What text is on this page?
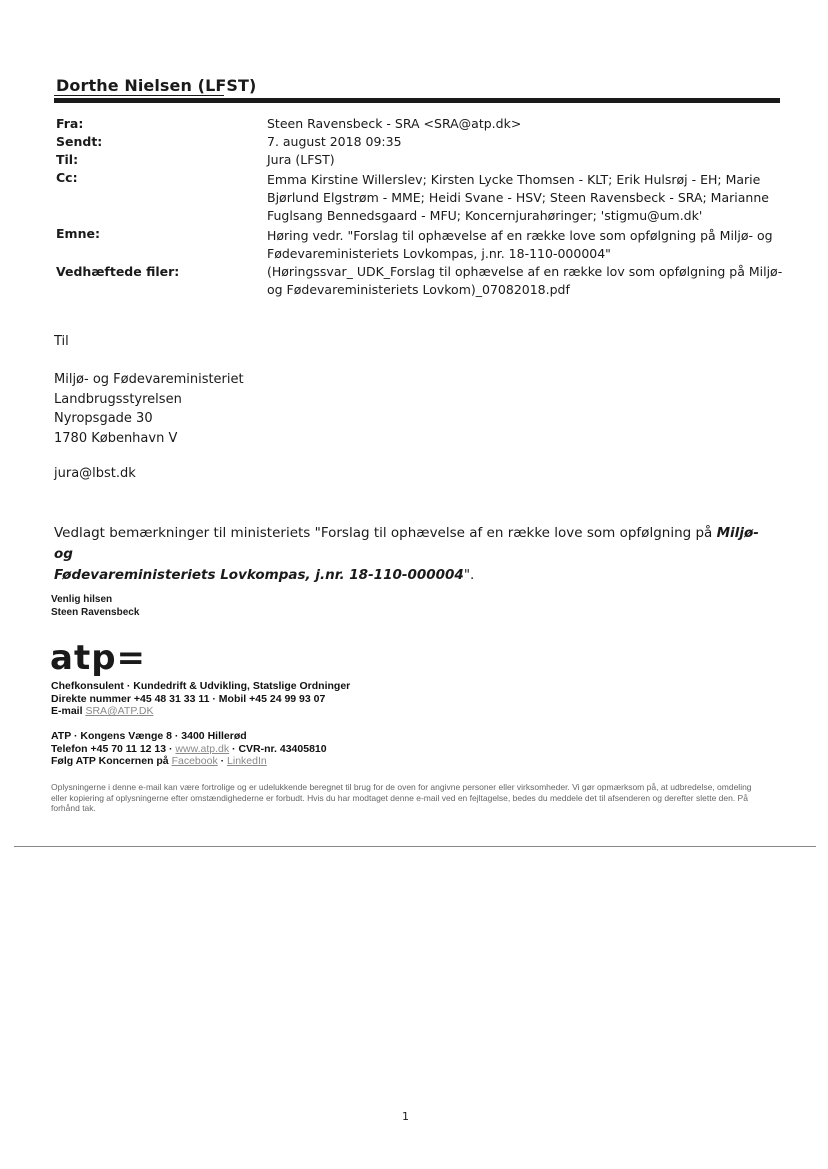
Dorthe Nielsen (LFST)
Fra:	Steen Ravensbeck - SRA <SRA@atp.dk>
Sendt:	7. august 2018 09:35
Til:	Jura (LFST)
Cc:	Emma Kirstine Willerslev; Kirsten Lycke Thomsen - KLT; Erik Hulsrøj - EH; Marie
Bjørlund Elgstrøm - MME; Heidi Svane - HSV; Steen Ravensbeck - SRA; Marianne
Fuglsang Bennedsgaard - MFU; Koncernjurahøringer; 'stigmu@um.dk'
Emne:	Høring vedr. "Forslag til ophævelse af en række love som opfølgning på Miljø- og
Fødevareministeriets Lovkompas, j.nr. 18-110-000004"
Vedhæftede filer:	(Høringssvar_ UDK_Forslag til ophævelse af en række lov som opfølgning på Miljø-
og Fødevareministeriets Lovkom)_07082018.pdf
Til
Miljø- og Fødevareministeriet
Landbrugsstyrelsen
Nyropsgade 30
1780 København V
jura@lbst.dk
Vedlagt bemærkninger til ministeriets "Forslag til ophævelse af en række love som opfølgning på Miljø- og
Fødevareministeriets Lovkompas, j.nr. 18-110-000004".
Venlig hilsen
Steen Ravensbeck
atp=
Chefkonsulent · Kundedrift & Udvikling, Statslige Ordninger
Direkte nummer +45 48 31 33 11 · Mobil +45 24 99 93 07
E-mail SRA@ATP.DK
ATP · Kongens Vænge 8 · 3400 Hillerød
Telefon +45 70 11 12 13 · www.atp.dk · CVR-nr. 43405810
Følg ATP Koncernen på Facebook · LinkedIn
Oplysningerne i denne e-mail kan være fortrolige og er udelukkende beregnet til brug for de oven for angivne personer eller virksomheder. Vi gør opmærksom på, at udbredelse, omdeling eller kopiering af oplysningerne efter omstændighederne er forbudt. Hvis du har modtaget denne e-mail ved en fejltagelse, bedes du meddele det til afsenderen og derefter slette den. På forhånd tak.
1
